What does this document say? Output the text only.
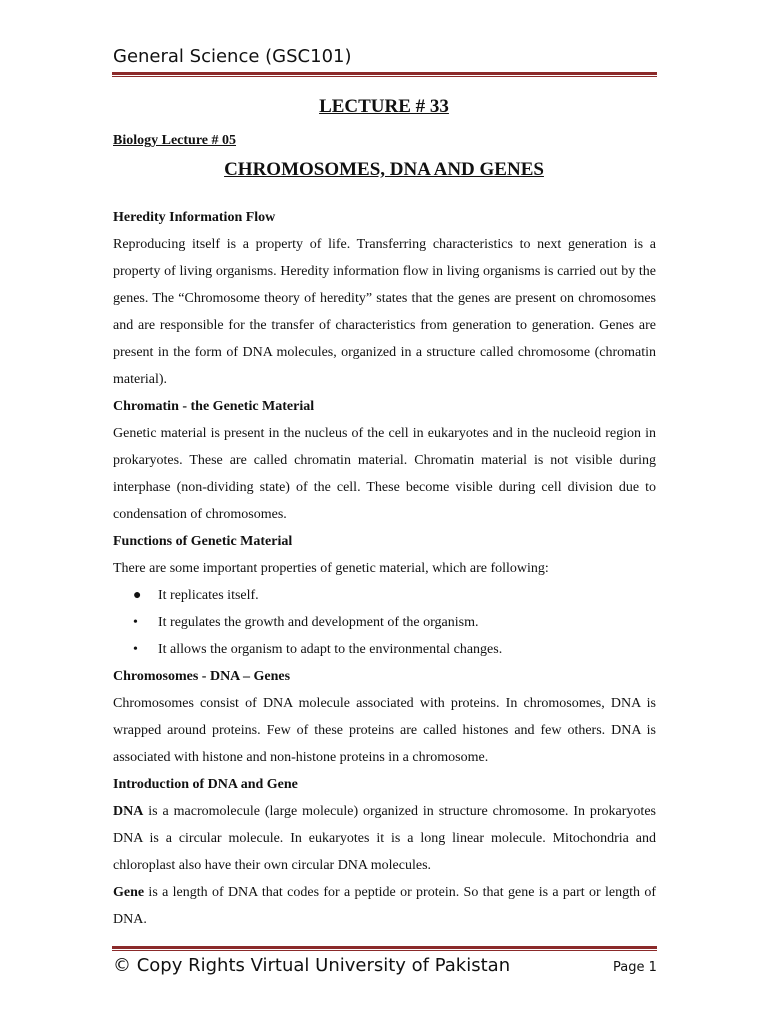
General Science (GSC101)
LECTURE # 33
Biology Lecture # 05
CHROMOSOMES, DNA AND GENES
Heredity Information Flow

Reproducing itself is a property of life. Transferring characteristics to next generation is a property of living organisms. Heredity information flow in living organisms is carried out by the genes. The “Chromosome theory of heredity” states that the genes are present on chromosomes and are responsible for the transfer of characteristics from generation to generation. Genes are present in the form of DNA molecules, organized in a structure called chromosome (chromatin material).

Chromatin - the Genetic Material

Genetic material is present in the nucleus of the cell in eukaryotes and in the nucleoid region in prokaryotes. These are called chromatin material. Chromatin material is not visible during interphase (non-dividing state) of the cell. These become visible during cell division due to condensation of chromosomes.

Functions of Genetic Material

There are some important properties of genetic material, which are following:

● It replicates itself.
• It regulates the growth and development of the organism.
• It allows the organism to adapt to the environmental changes.
Chromosomes - DNA – Genes

Chromosomes consist of DNA molecule associated with proteins. In chromosomes, DNA is wrapped around proteins. Few of these proteins are called histones and few others. DNA is associated with histone and non-histone proteins in a chromosome.

Introduction of DNA and Gene

DNA is a macromolecule (large molecule) organized in structure chromosome. In prokaryotes DNA is a circular molecule. In eukaryotes it is a long linear molecule. Mitochondria and chloroplast also have their own circular DNA molecules.

Gene is a length of DNA that codes for a peptide or protein. So that gene is a part or length of DNA.

© Copy Rights Virtual University of Pakistan	Page 1
